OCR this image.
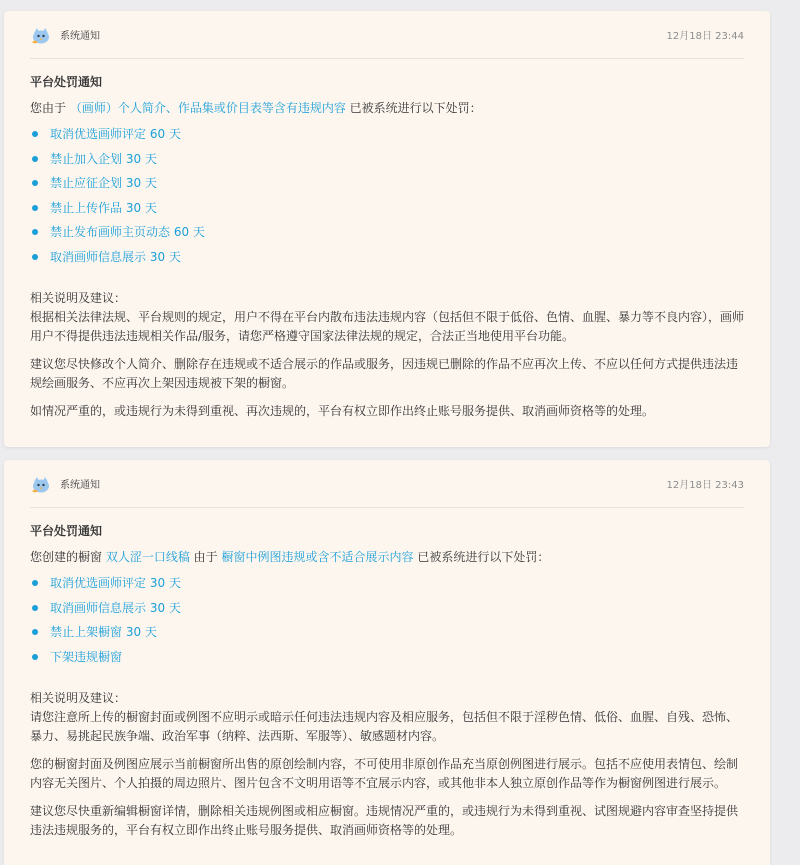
系统通知	12月18日 23:44
平台处罚通知
您由于 （画师）个人简介、作品集或价目表等含有违规内容 已被系统进行以下处罚：
取消优选画师评定 60 天
禁止加入企划 30 天
禁止应征企划 30 天
禁止上传作品 30 天
禁止发布画师主页动态 60 天
取消画师信息展示 30 天
相关说明及建议：
根据相关法律法规、平台规则的规定，用户不得在平台内散布违法违规内容（包括但不限于低俗、色情、血腥、暴力等不良内容），画师用户不得提供违法违规相关作品/服务，请您严格遵守国家法律法规的规定，合法正当地使用平台功能。
建议您尽快修改个人简介、删除存在违规或不适合展示的作品或服务，因违规已删除的作品不应再次上传、不应以任何方式提供违法违规绘画服务、不应再次上架因违规被下架的橱窗。
如情况严重的，或违规行为未得到重视、再次违规的，平台有权立即作出终止账号服务提供、取消画师资格等的处理。
系统通知	12月18日 23:43
平台处罚通知
您创建的橱窗 双人涩一口线稿 由于 橱窗中例图违规或含不适合展示内容 已被系统进行以下处罚：
取消优选画师评定 30 天
取消画师信息展示 30 天
禁止上架橱窗 30 天
下架违规橱窗
相关说明及建议：
请您注意所上传的橱窗封面或例图不应明示或暗示任何违法违规内容及相应服务，包括但不限于淫秽色情、低俗、血腥、自残、恐怖、暴力、易挑起民族争端、政治军事（纳粹、法西斯、军服等）、敏感题材内容。
您的橱窗封面及例图应展示当前橱窗所出售的原创绘制内容，不可使用非原创作品充当原创例图进行展示。包括不应使用表情包、绘制内容无关图片、个人拍摄的周边照片、图片包含不文明用语等不宜展示内容，或其他非本人独立原创作品等作为橱窗例图进行展示。
建议您尽快重新编辑橱窗详情，删除相关违规例图或相应橱窗。违规情况严重的，或违规行为未得到重视、试图规避内容审查坚持提供违法违规服务的，平台有权立即作出终止账号服务提供、取消画师资格等的处理。
